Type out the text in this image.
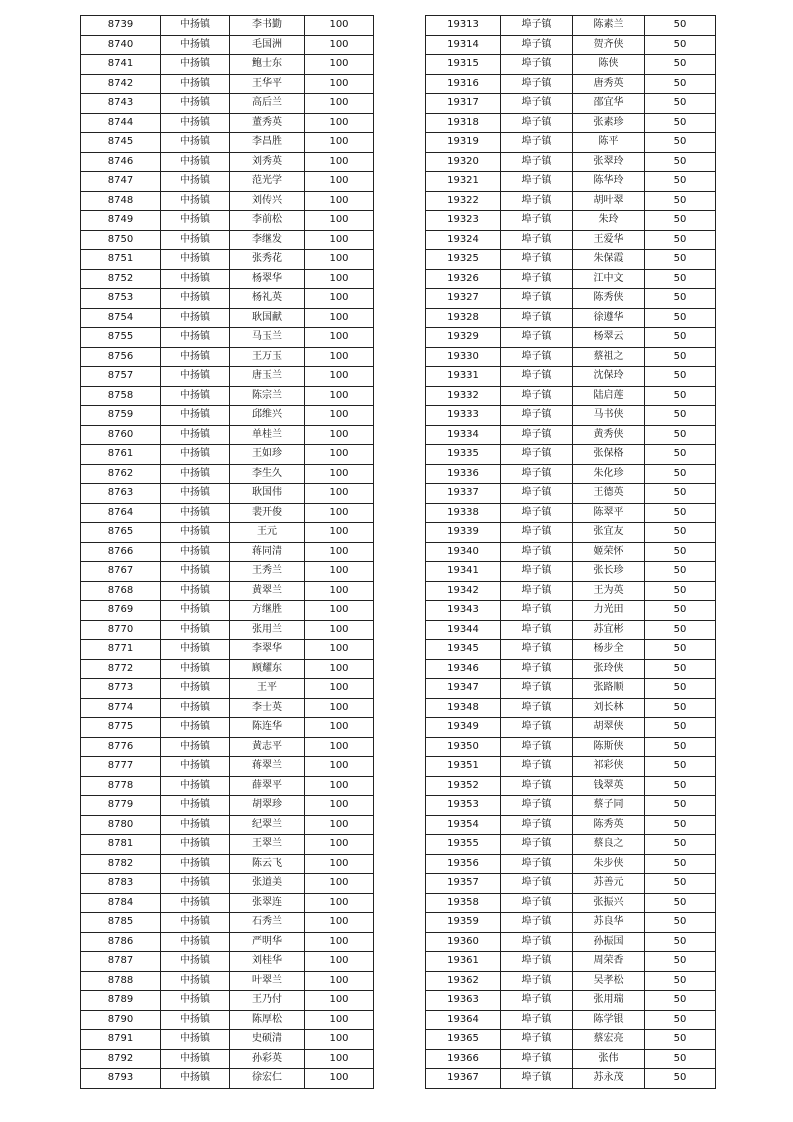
8739	中扬镇	李书勤	100
8740	中扬镇	毛国洲	100
8741	中扬镇	鲍士东	100
8742	中扬镇	王华平	100
8743	中扬镇	高后兰	100
8744	中扬镇	董秀英	100
8745	中扬镇	李昌胜	100
8746	中扬镇	刘秀英	100
8747	中扬镇	范光学	100
8748	中扬镇	刘传兴	100
8749	中扬镇	李前松	100
8750	中扬镇	李继发	100
8751	中扬镇	张秀花	100
8752	中扬镇	杨翠华	100
8753	中扬镇	杨礼英	100
8754	中扬镇	耿国献	100
8755	中扬镇	马玉兰	100
8756	中扬镇	王万玉	100
8757	中扬镇	唐玉兰	100
8758	中扬镇	陈宗兰	100
8759	中扬镇	邱维兴	100
8760	中扬镇	单桂兰	100
8761	中扬镇	王如珍	100
8762	中扬镇	李生久	100
8763	中扬镇	耿国伟	100
8764	中扬镇	裴开俊	100
8765	中扬镇	王元	100
8766	中扬镇	蒋同清	100
8767	中扬镇	王秀兰	100
8768	中扬镇	黄翠兰	100
8769	中扬镇	方继胜	100
8770	中扬镇	张用兰	100
8771	中扬镇	李翠华	100
8772	中扬镇	顾耀东	100
8773	中扬镇	王平	100
8774	中扬镇	李士英	100
8775	中扬镇	陈连华	100
8776	中扬镇	黄志平	100
8777	中扬镇	蒋翠兰	100
8778	中扬镇	薛翠平	100
8779	中扬镇	胡翠珍	100
8780	中扬镇	纪翠兰	100
8781	中扬镇	王翠兰	100
8782	中扬镇	陈云飞	100
8783	中扬镇	张道美	100
8784	中扬镇	张翠连	100
8785	中扬镇	石秀兰	100
8786	中扬镇	严明华	100
8787	中扬镇	刘桂华	100
8788	中扬镇	叶翠兰	100
8789	中扬镇	王乃付	100
8790	中扬镇	陈厚松	100
8791	中扬镇	史硕清	100
8792	中扬镇	孙彩英	100
8793	中扬镇	徐宏仁	100
19313	埠子镇	陈素兰	50
19314	埠子镇	贺齐侠	50
19315	埠子镇	陈侠	50
19316	埠子镇	唐秀英	50
19317	埠子镇	邵宜华	50
19318	埠子镇	张素珍	50
19319	埠子镇	陈平	50
19320	埠子镇	张翠玲	50
19321	埠子镇	陈华玲	50
19322	埠子镇	胡叶翠	50
19323	埠子镇	朱玲	50
19324	埠子镇	王爱华	50
19325	埠子镇	朱保霞	50
19326	埠子镇	江中文	50
19327	埠子镇	陈秀侠	50
19328	埠子镇	徐遵华	50
19329	埠子镇	杨翠云	50
19330	埠子镇	蔡祖之	50
19331	埠子镇	沈保玲	50
19332	埠子镇	陆启莲	50
19333	埠子镇	马书侠	50
19334	埠子镇	黄秀侠	50
19335	埠子镇	张保格	50
19336	埠子镇	朱化珍	50
19337	埠子镇	王德英	50
19338	埠子镇	陈翠平	50
19339	埠子镇	张宜友	50
19340	埠子镇	姬荣怀	50
19341	埠子镇	张长珍	50
19342	埠子镇	王为英	50
19343	埠子镇	力光田	50
19344	埠子镇	苏宜彬	50
19345	埠子镇	杨步全	50
19346	埠子镇	张玲侠	50
19347	埠子镇	张路顺	50
19348	埠子镇	刘长林	50
19349	埠子镇	胡翠侠	50
19350	埠子镇	陈斯侠	50
19351	埠子镇	祁彩侠	50
19352	埠子镇	钱翠英	50
19353	埠子镇	蔡子同	50
19354	埠子镇	陈秀英	50
19355	埠子镇	蔡良之	50
19356	埠子镇	朱步侠	50
19357	埠子镇	苏善元	50
19358	埠子镇	张振兴	50
19359	埠子镇	苏良华	50
19360	埠子镇	孙振国	50
19361	埠子镇	周荣香	50
19362	埠子镇	吴孝松	50
19363	埠子镇	张用瑞	50
19364	埠子镇	陈学银	50
19365	埠子镇	蔡宏亮	50
19366	埠子镇	张伟	50
19367	埠子镇	苏永茂	50
